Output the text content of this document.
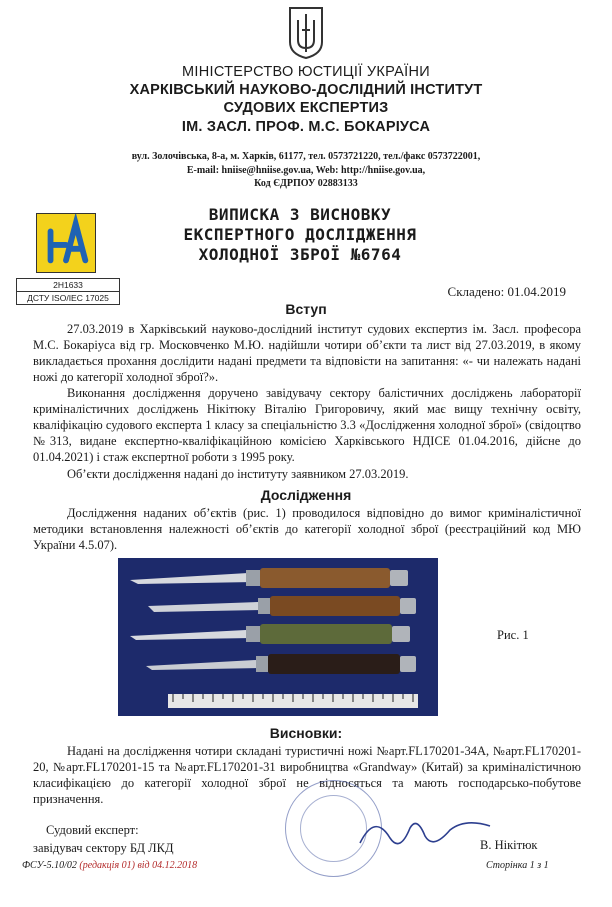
МІНІСТЕРСТВО ЮСТИЦІЇ УКРАЇНИ
ХАРКІВСЬКИЙ НАУКОВО-ДОСЛІДНИЙ ІНСТИТУТ
СУДОВИХ ЕКСПЕРТИЗ
ІМ. ЗАСЛ. ПРОФ. М.С. БОКАРІУСА
вул. Золочівська, 8-а, м. Харків, 61177, тел. 0573721220, тел./факс 0573722001,
E-mail: hniise@hniise.gov.ua, Web: http://hniise.gov.ua,
Код ЄДРПОУ 02883133
2Н1633
ДСТУ ISO/IEC 17025
ВИПИСКА З ВИСНОВКУ
ЕКСПЕРТНОГО ДОСЛІДЖЕННЯ
ХОЛОДНОЇ ЗБРОЇ №6764
Складено: 01.04.2019
Вступ
27.03.2019 в Харківський науково-дослідний інститут судових експертиз ім. Засл. професора М.С. Бокаріуса від гр. Московченко М.Ю. надійшли чотири об’єкти та лист від 27.03.2019, в якому викладається прохання дослідити надані предмети та відповісти на запитання: «- чи належать надані ножі до категорії холодної зброї?».
Виконання дослідження доручено завідувачу сектору балістичних досліджень лабораторії криміналістичних досліджень Нікітюку Віталію Григоровичу, який має вищу технічну освіту, кваліфікацію судового експерта 1 класу за спеціальністю 3.3 «Дослідження холодної зброї» (свідоцтво №313, видане експертно-кваліфікаційною комісією Харківського НДІСЕ 01.04.2016, дійсне до 01.04.2021) і стаж експертної роботи з 1995 року.
Об’єкти дослідження надані до інституту заявником 27.03.2019.
Дослідження
Дослідження наданих об’єктів (рис. 1) проводилося відповідно до вимог криміналістичної методики встановлення належності об’єктів до категорії холодної зброї (реєстраційний код МЮ України 4.5.07).
Рис. 1
Висновки:
Надані на дослідження чотири складані туристичні ножі №арт.FL170201-34А, №арт.FL170201-20, №арт.FL170201-15 та №арт.FL170201-31 виробництва «Grandway» (Китай) за криміналістичною класифікацією до категорії холодної зброї не відносяться та мають господарсько-побутове призначення.
Судовий експерт:
завідувач сектору БД ЛКД	В. Нікітюк
ФСУ-5.10/02 (редакція 01) від 04.12.2018	Сторінка 1 з 1
